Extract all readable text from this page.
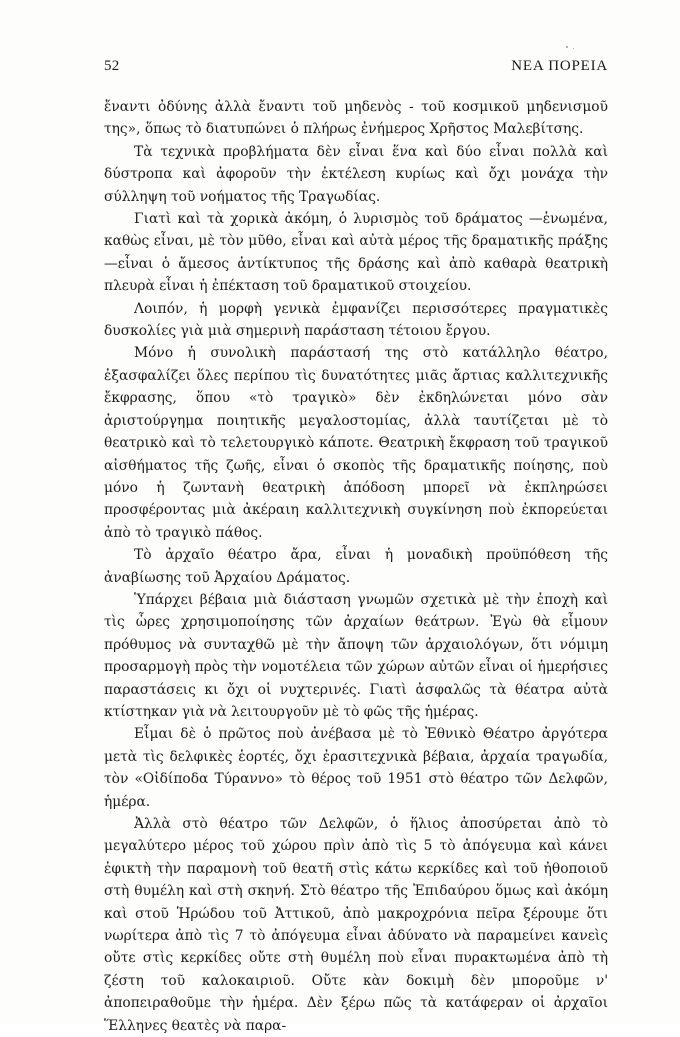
52	ΝΕΑ ΠΟΡΕΙΑ

ἔναντι ὀδύνης ἀλλὰ ἔναντι τοῦ μηδενὸς - τοῦ κοσμικοῦ μηδενισμοῦ της», ὅπως τὸ διατυπώνει ὁ πλήρως ἐνήμερος Χρῆστος Μαλεβίτσης.

Τὰ τεχνικὰ προβλήματα δὲν εἶναι ἕνα καὶ δύο εἶναι πολλὰ καὶ δύστροπα καὶ ἀφοροῦν τὴν ἐκτέλεση κυρίως καὶ ὄχι μονάχα τὴν σύλληψη τοῦ νοήματος τῆς Τραγωδίας.

Γιατὶ καὶ τὰ χορικὰ ἀκόμη, ὁ λυρισμὸς τοῦ δράματος —ἑνωμένα, καθὼς εἶναι, μὲ τὸν μῦθο, εἶναι καὶ αὐτὰ μέρος τῆς δραματικῆς πράξης —εἶναι ὁ ἄμεσος ἀντίκτυπος τῆς δράσης καὶ ἀπὸ καθαρὰ θεατρικὴ πλευρὰ εἶναι ἡ ἐπέκταση τοῦ δραματικοῦ στοιχείου.

Λοιπόν, ἡ μορφὴ γενικὰ ἐμφανίζει περισσότερες πραγματικὲς δυσκολίες γιὰ μιὰ σημερινὴ παράσταση τέτοιου ἔργου.

Μόνο ἡ συνολικὴ παράστασή της στὸ κατάλληλο θέατρο, ἐξασφαλίζει ὅλες περίπου τὶς δυνατότητες μιᾶς ἄρτιας καλλιτεχνικῆς ἔκφρασης, ὅπου «τὸ τραγικὸ» δὲν ἐκδηλώνεται μόνο σὰν ἀριστούργημα ποιητικῆς μεγαλοστομίας, ἀλλὰ ταυτίζεται μὲ τὸ θεατρικὸ καὶ τὸ τελετουργικὸ κάποτε. Θεατρικὴ ἔκφραση τοῦ τραγικοῦ αἰσθήματος τῆς ζωῆς, εἶναι ὁ σκοπὸς τῆς δραματικῆς ποίησης, ποὺ μόνο ἡ ζωντανὴ θεατρικὴ ἀπόδοση μπορεῖ νὰ ἐκπληρώσει προσφέροντας μιὰ ἀκέραιη καλλιτεχνικὴ συγκίνηση ποὺ ἐκπορεύεται ἀπὸ τὸ τραγικὸ πάθος.

Τὸ ἀρχαῖο θέατρο ἄρα, εἶναι ἡ μοναδικὴ προϋπόθεση τῆς ἀναβίωσης τοῦ Ἀρχαίου Δράματος.

Ὑπάρχει βέβαια μιὰ διάσταση γνωμῶν σχετικὰ μὲ τὴν ἐποχὴ καὶ τὶς ὧρες χρησιμοποίησης τῶν ἀρχαίων θεάτρων. Ἐγὼ θὰ εἶμουν πρόθυμος νὰ συνταχθῶ μὲ τὴν ἄποψη τῶν ἀρχαιολόγων, ὅτι νόμιμη προσαρμογὴ πρὸς τὴν νομοτέλεια τῶν χώρων αὐτῶν εἶναι οἱ ἡμερήσιες παραστάσεις κι ὄχι οἱ νυχτερινές. Γιατὶ ἀσφαλῶς τὰ θέατρα αὐτὰ κτίστηκαν γιὰ νὰ λειτουργοῦν μὲ τὸ φῶς τῆς ἡμέρας.

Εἶμαι δὲ ὁ πρῶτος ποὺ ἀνέβασα μὲ τὸ Ἐθνικὸ Θέατρο ἀργότερα μετὰ τὶς δελφικὲς ἑορτές, ὄχι ἐρασιτεχνικὰ βέβαια, ἀρχαία τραγωδία, τὸν «Οἰδίποδα Τύραννο» τὸ θέρος τοῦ 1951 στὸ θέατρο τῶν Δελφῶν, ἡμέρα.

Ἀλλὰ στὸ θέατρο τῶν Δελφῶν, ὁ ἥλιος ἀποσύρεται ἀπὸ τὸ μεγαλύτερο μέρος τοῦ χώρου πρὶν ἀπὸ τὶς 5 τὸ ἀπόγευμα καὶ κάνει ἐφικτὴ τὴν παραμονὴ τοῦ θεατῆ στὶς κάτω κερκίδες καὶ τοῦ ἠθοποιοῦ στὴ θυμέλη καὶ στὴ σκηνή. Στὸ θέατρο τῆς Ἐπιδαύρου ὅμως καὶ ἀκόμη καὶ στοῦ Ἡρώδου τοῦ Ἀττικοῦ, ἀπὸ μακροχρόνια πεῖρα ξέρουμε ὅτι νωρίτερα ἀπὸ τὶς 7 τὸ ἀπόγευμα εἶναι ἀδύνατο νὰ παραμείνει κανεὶς οὔτε στὶς κερκίδες οὔτε στὴ θυμέλη ποὺ εἶναι πυρακτωμένα ἀπὸ τὴ ζέστη τοῦ καλοκαιριοῦ. Οὔτε κὰν δοκιμὴ δὲν μποροῦμε ν' ἀποπειραθοῦμε τὴν ἡμέρα. Δὲν ξέρω πῶς τὰ κατάφεραν οἱ ἀρχαῖοι Ἕλληνες θεατὲς νὰ παρα-
